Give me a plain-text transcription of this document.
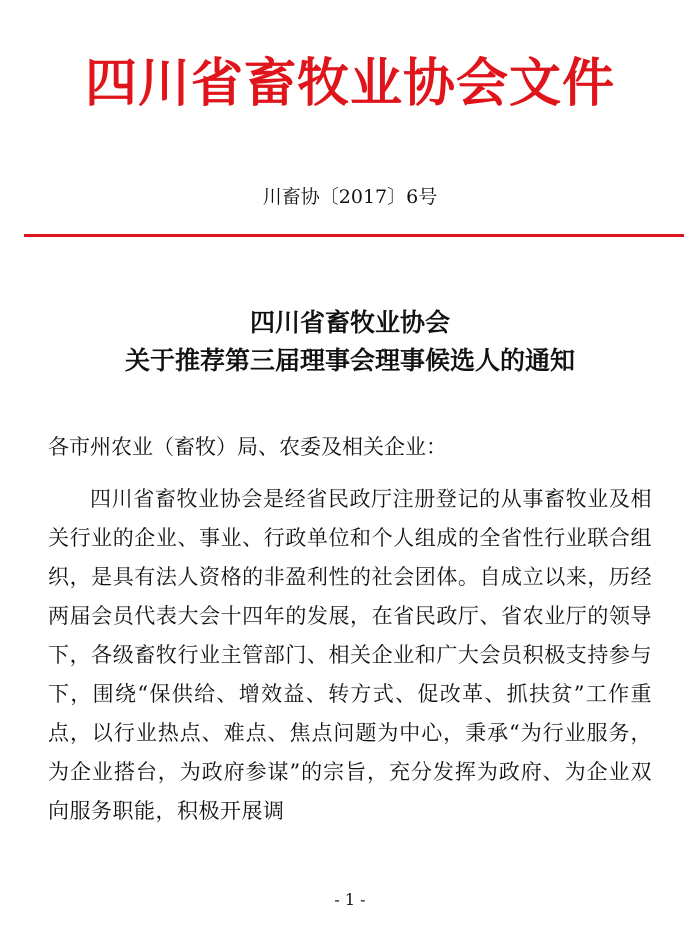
四川省畜牧业协会文件
川畜协〔2017〕6号
四川省畜牧业协会
关于推荐第三届理事会理事候选人的通知
各市州农业（畜牧）局、农委及相关企业：
四川省畜牧业协会是经省民政厅注册登记的从事畜牧业及相关行业的企业、事业、行政单位和个人组成的全省性行业联合组织，是具有法人资格的非盈利性的社会团体。自成立以来，历经两届会员代表大会十四年的发展，在省民政厅、省农业厅的领导下，各级畜牧行业主管部门、相关企业和广大会员积极支持参与下，围绕“保供给、增效益、转方式、促改革、抓扶贫”工作重点，以行业热点、难点、焦点问题为中心，秉承“为行业服务，为企业搭台，为政府参谋”的宗旨，充分发挥为政府、为企业双向服务职能，积极开展调
- 1 -
